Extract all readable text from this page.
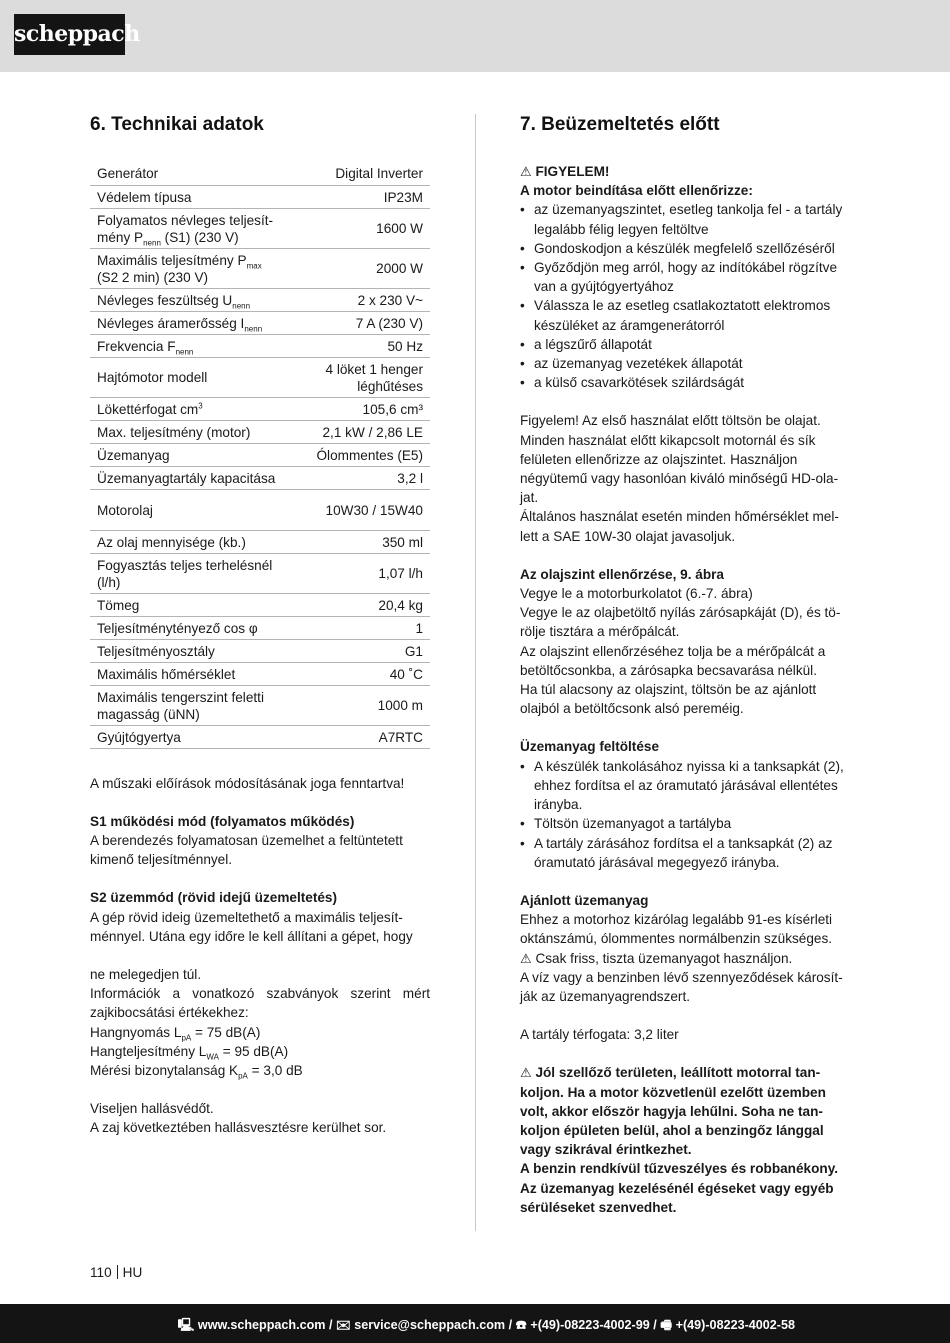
scheppach
6. Technikai adatok
Generátor	Digital Inverter
Védelem típusa	IP23M
Folyamatos névleges teljesít-
mény $P_{nenn}$ (S1) (230 V)	1600 W
Maximális teljesítmény $P_{max}$
(S2 2 min) (230 V)	2000 W
Névleges feszültség $U_{nenn}$	2 x 230 V~
Névleges áramerősség $I_{nenn}$	7 A (230 V)
Frekvencia $F_{nenn}$	50 Hz
Hajtómotor modell	4 löket 1 henger
léghűtéses
Lökettérfogat $cm^3$	105,6 cm³
Max. teljesítmény (motor)	2,1 kW / 2,86 LE
Üzemanyag	Ólommentes (E5)
Üzemanyagtartály kapacitása	3,2 l
Motorolaj	10W30 / 15W40
Az olaj mennyisége (kb.)	350 ml
Fogyasztás teljes terhelésnél
(l/h)	1,07 l/h
Tömeg	20,4 kg
Teljesítménytényező cos φ	1
Teljesítményosztály	G1
Maximális hőmérséklet	40 ˚C
Maximális tengerszint feletti
magasság (üNN)	1000 m
Gyújtógyertya	A7RTC

A műszaki előírások módosításának joga fenntartva!

S1 működési mód (folyamatos működés)

A berendezés folyamatosan üzemelhet a feltüntetett

kimenő teljesítménnyel.

S2 üzemmód (rövid idejű üzemeltetés)

A gép rövid ideig üzemeltethető a maximális teljesít-

ménnyel. Utána egy időre le kell állítani a gépet, hogy

ne melegedjen túl.

Információk a vonatkozó szabványok szerint mért

zajkibocsátási értékekhez:

Hangnyomás $L_{pA} = 75$ dB(A)

Hangteljesítmény $L_{WA} = 95$ dB(A)

Mérési bizonytalanság $K_{pA} = 3,0$ dB

Viseljen hallásvédőt.

A zaj következtében hallásvesztésre kerülhet sor.

7. Beüzemeltetés előtt

⚠ FIGYELEM!

A motor beindítása előtt ellenőrizze:

• az üzemanyagszintet, esetleg tankolja fel - a tartály
legalább félig legyen feltöltve
• Gondoskodjon a készülék megfelelő szellőzéséről
• Győződjön meg arról, hogy az indítókábel rögzítve
van a gyújtógyertyához
• Válassza le az esetleg csatlakoztatott elektromos
készüléket az áramgenerátorról
• a légszűrő állapotát
• az üzemanyag vezetékek állapotát
• a külső csavarkötések szilárdságát

Figyelem! Az első használat előtt töltsön be olajat.

Minden használat előtt kikapcsolt motornál és sík

felületen ellenőrizze az olajszintet. Használjon

négyütemű vagy hasonlóan kiváló minőségű HD-ola-

jat.

Általános használat esetén minden hőmérséklet mel-

lett a SAE 10W-30 olajat javasoljuk.

Az olajszint ellenőrzése, 9. ábra

Vegye le a motorburkolatot (6.-7. ábra)

Vegye le az olajbetöltő nyílás zárósapkáját (D), és tö-

rölje tisztára a mérőpálcát.

Az olajszint ellenőrzéséhez tolja be a mérőpálcát a

betöltőcsonkba, a zárósapka becsavarása nélkül.

Ha túl alacsony az olajszint, töltsön be az ajánlott

olajból a betöltőcsonk alsó pereméig.

Üzemanyag feltöltése

• A készülék tankolásához nyissa ki a tanksapkát (2),
ehhez fordítsa el az óramutató járásával ellentétes
irányba.
• Töltsön üzemanyagot a tartályba
• A tartály zárásához fordítsa el a tanksapkát (2) az
óramutató járásával megegyező irányba.

Ajánlott üzemanyag

Ehhez a motorhoz kizárólag legalább 91-es kísérleti

oktánszámú, ólommentes normálbenzin szükséges.

⚠ Csak friss, tiszta üzemanyagot használjon.

A víz vagy a benzinben lévő szennyeződések károsít-

ják az üzemanyagrendszert.

A tartály térfogata: 3,2 liter

⚠ Jól szellőző területen, leállított motorral tan-

koljon. Ha a motor közvetlenül ezelőtt üzemben

volt, akkor először hagyja lehűlni. Soha ne tan-

koljon épületen belül, ahol a benzingőz lánggal

vagy szikrával érintkezhet.

A benzin rendkívül tűzveszélyes és robbanékony.

Az üzemanyag kezelésénél égéseket vagy egyéb

sérüléseket szenvedhet.

110 HU
🖳 www.scheppach.com / ✉ service@scheppach.com / ☎ +(49)-08223-4002-99 / 🖷 +(49)-08223-4002-58
